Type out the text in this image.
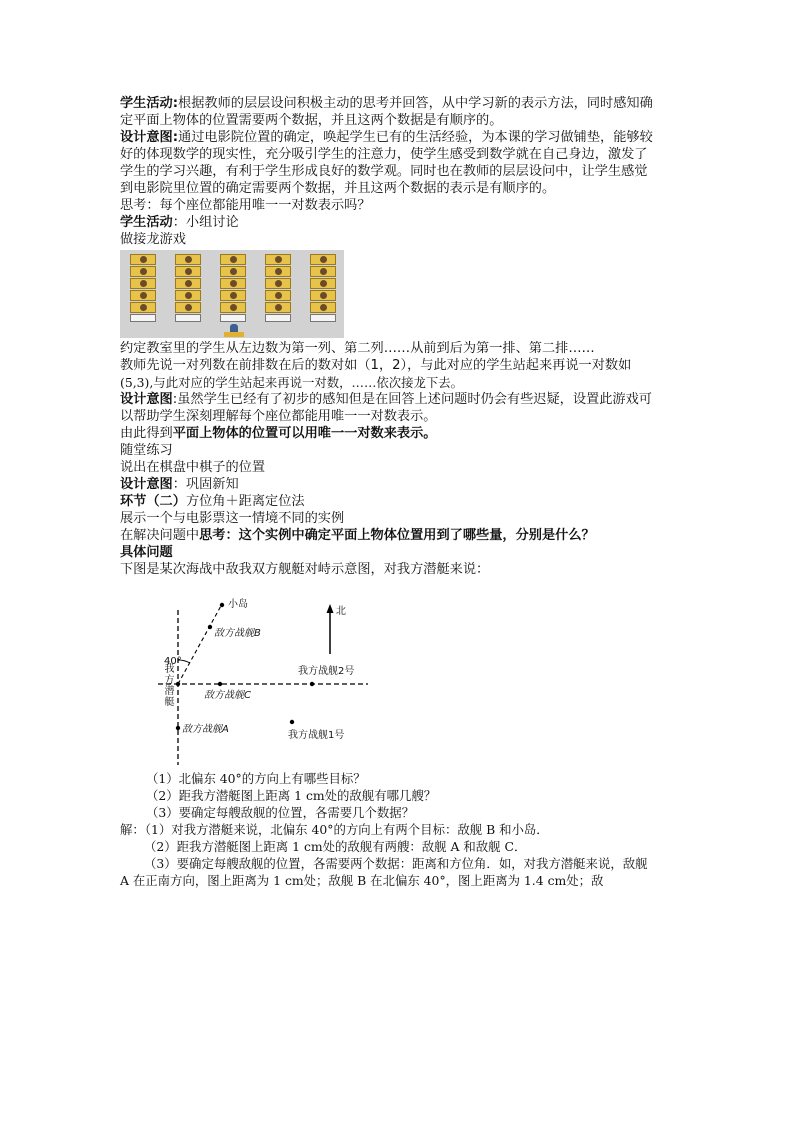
学生活动:根据教师的层层设问积极主动的思考并回答，从中学习新的表示方法，同时感知确定平面上物体的位置需要两个数据，并且这两个数据是有顺序的。

设计意图:通过电影院位置的确定，唤起学生已有的生活经验，为本课的学习做铺垫，能够较好的体现数学的现实性，充分吸引学生的注意力，使学生感受到数学就在自己身边，激发了学生的学习兴趣，有利于学生形成良好的数学观。同时也在教师的层层设问中，让学生感觉到电影院里位置的确定需要两个数据，并且这两个数据的表示是有顺序的。

思考：每个座位都能用唯一一对数表示吗？

学生活动：小组讨论

做接龙游戏

约定教室里的学生从左边数为第一列、第二列……从前到后为第一排、第二排……

教师先说一对列数在前排数在后的数对如（1，2），与此对应的学生站起来再说一对数如

(5,3),与此对应的学生站起来再说一对数，……依次接龙下去。

设计意图:虽然学生已经有了初步的感知但是在回答上述问题时仍会有些迟疑，设置此游戏可以帮助学生深刻理解每个座位都能用唯一一对数表示。

由此得到平面上物体的位置可以用唯一一对数来表示。

随堂练习

说出在棋盘中棋子的位置

设计意图：巩固新知

环节（二）方位角＋距离定位法

展示一个与电影票这一情境不同的实例

在解决问题中思考：这个实例中确定平面上物体位置用到了哪些量，分别是什么？

具体问题

下图是某次海战中敌我双方舰艇对峙示意图，对我方潜艇来说：

小岛
敌方战舰B
40°
北
我方潜艇
我方战舰2号
敌方战舰C
敌方战舰A
我方战舰1号

（1）北偏东 40°的方向上有哪些目标？

（2）距我方潜艇图上距离 1 cm处的敌舰有哪几艘？

（3）要确定每艘敌舰的位置，各需要几个数据？

解：（1）对我方潜艇来说，北偏东 40°的方向上有两个目标：敌舰 B 和小岛．

（2）距我方潜艇图上距离 1 cm处的敌舰有两艘：敌舰 A 和敌舰 C．

（3）要确定每艘敌舰的位置，各需要两个数据：距离和方位角．如，对我方潜艇来说，敌舰 A 在正南方向，图上距离为 1 cm处；敌舰 B 在北偏东 40°，图上距离为 1.4 cm处；敌
